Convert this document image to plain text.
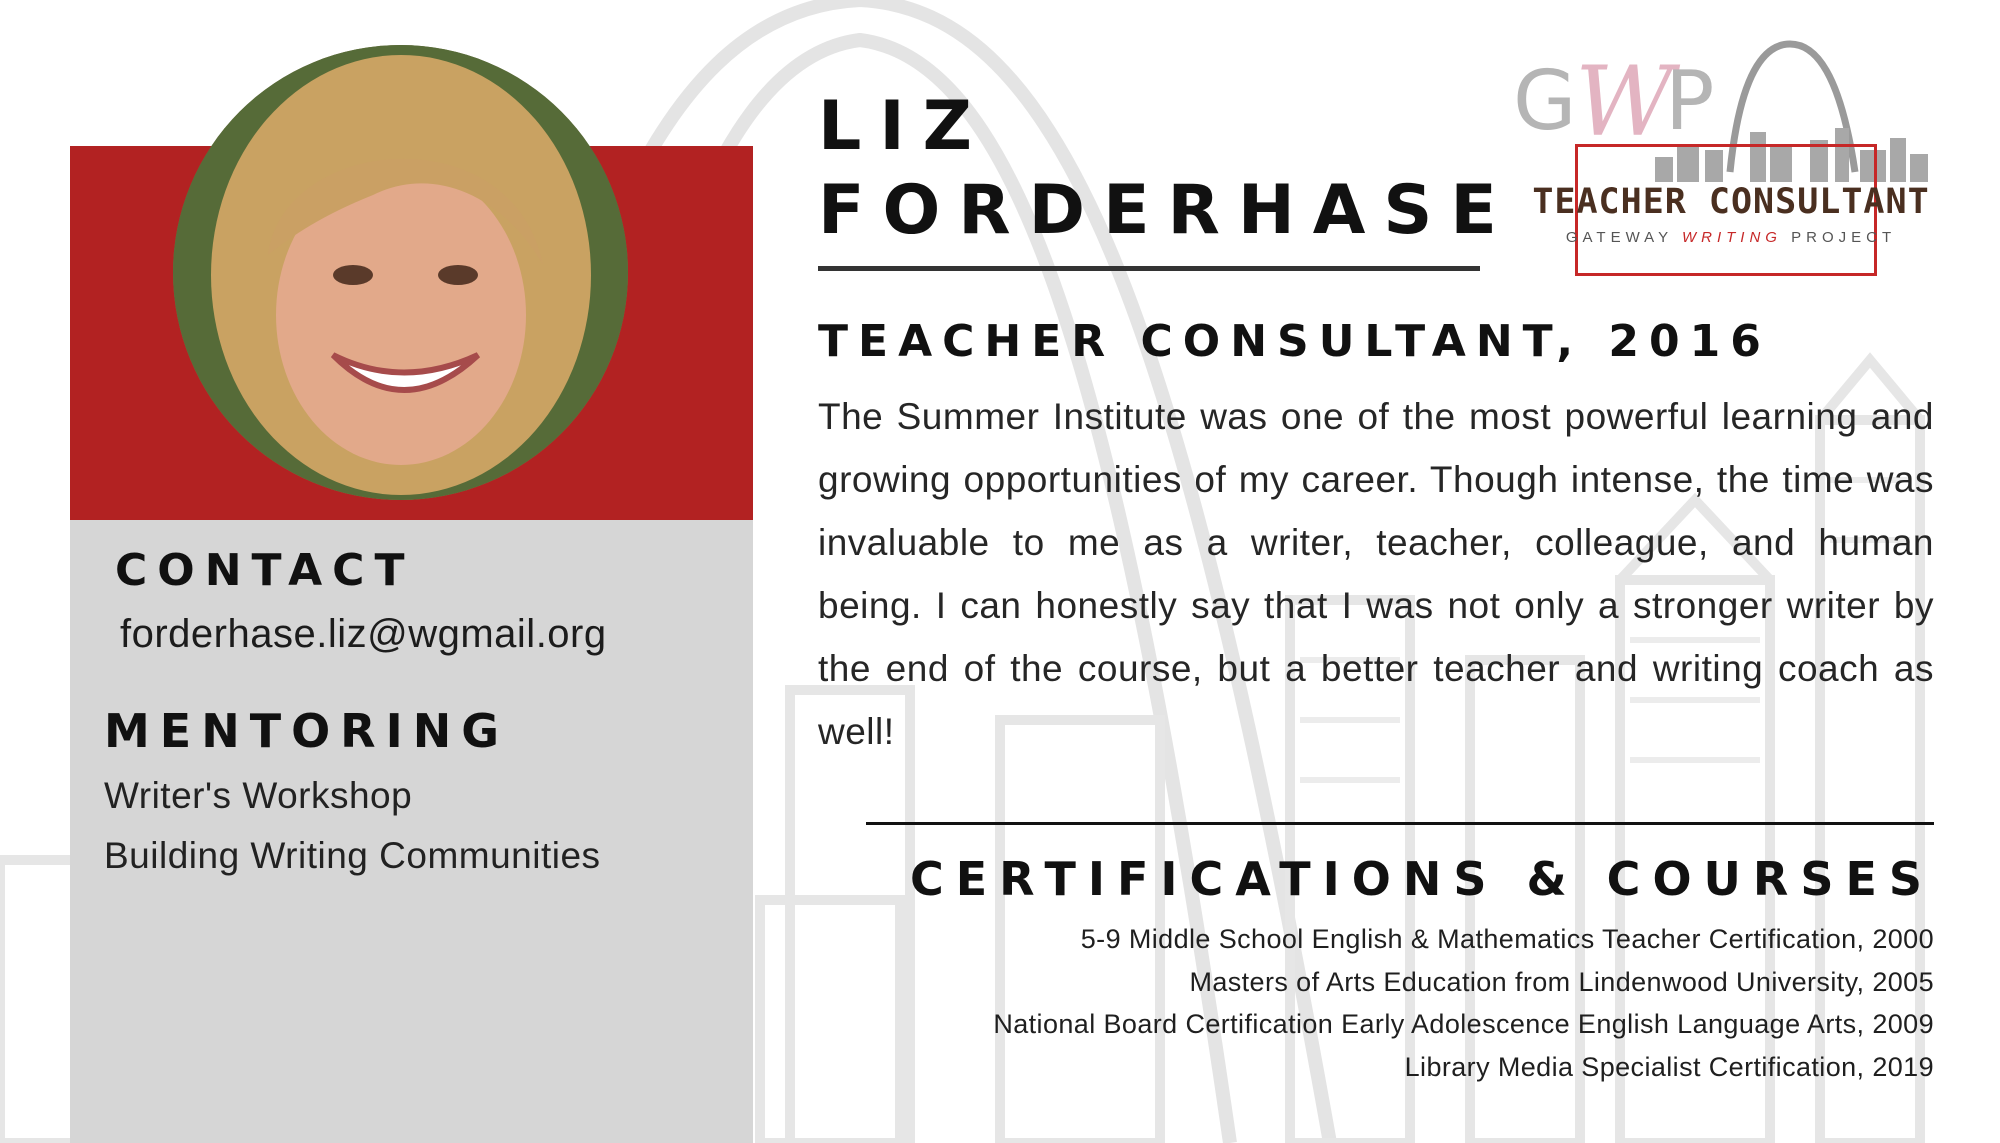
CONTACT
forderhase.liz@wgmail.org
MENTORING
Writer's Workshop
Building Writing Communities
LIZ
FORDERHASE
TEACHER CONSULTANT, 2016
The Summer Institute was one of the most powerful learning and growing opportunities of my career. Though intense, the time was invaluable to me as a writer, teacher, colleague, and human being. I can honestly say that I was not only a stronger writer by the end of the course, but a better teacher and writing coach as well!
CERTIFICATIONS & COURSES
5-9 Middle School English & Mathematics Teacher Certification, 2000
Masters of Arts Education from Lindenwood University, 2005
National Board Certification Early Adolescence English Language Arts, 2009
Library Media Specialist Certification, 2019
G
W
P
TEACHER CONSULTANT
GATEWAY WRITING PROJECT
